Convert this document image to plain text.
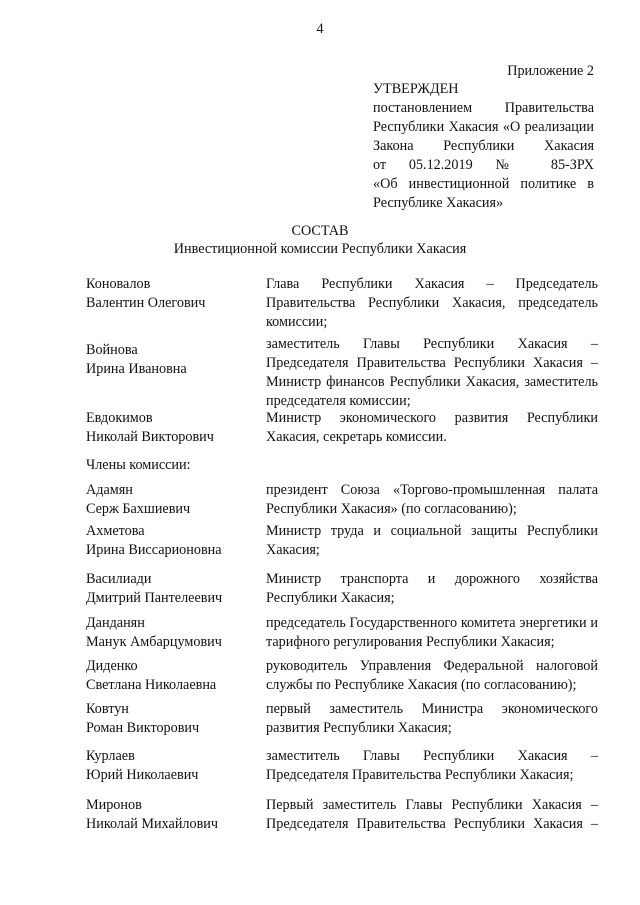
4
Приложение 2
УТВЕРЖДЕН
постановлением Правительства
Республики Хакасия «О реализации
Закона Республики Хакасия
от 05.12.2019 № 85-ЗРХ
«Об инвестиционной политике в
Республике Хакасия»
СОСТАВ
Инвестиционной комиссии Республики Хакасия
Коновалов
Валентин Олегович
Глава Республики Хакасия – Председатель
Правительства Республики Хакасия, председатель
комиссии;
Войнова
Ирина Ивановна
заместитель Главы Республики Хакасия –
Председателя Правительства Республики Хакасия –
Министр финансов Республики Хакасия, заместитель
председателя комиссии;
Евдокимов
Николай Викторович
Министр экономического развития Республики
Хакасия, секретарь комиссии.
Члены комиссии:
Адамян
Серж Бахшиевич
президент Союза «Торгово-промышленная палата
Республики Хакасия» (по согласованию);
Ахметова
Ирина Виссарионовна
Министр труда и социальной защиты Республики
Хакасия;
Василиади
Дмитрий Пантелеевич
Министр транспорта и дорожного хозяйства
Республики Хакасия;
Данданян
Манук Амбарцумович
председатель Государственного комитета энергетики и
тарифного регулирования Республики Хакасия;
Диденко
Светлана Николаевна
руководитель Управления Федеральной налоговой
службы по Республике Хакасия (по согласованию);
Ковтун
Роман Викторович
первый заместитель Министра экономического
развития Республики Хакасия;
Курлаев
Юрий Николаевич
заместитель Главы Республики Хакасия –
Председателя Правительства Республики Хакасия;
Миронов
Николай Михайлович
Первый заместитель Главы Республики Хакасия –
Председателя Правительства Республики Хакасия –
